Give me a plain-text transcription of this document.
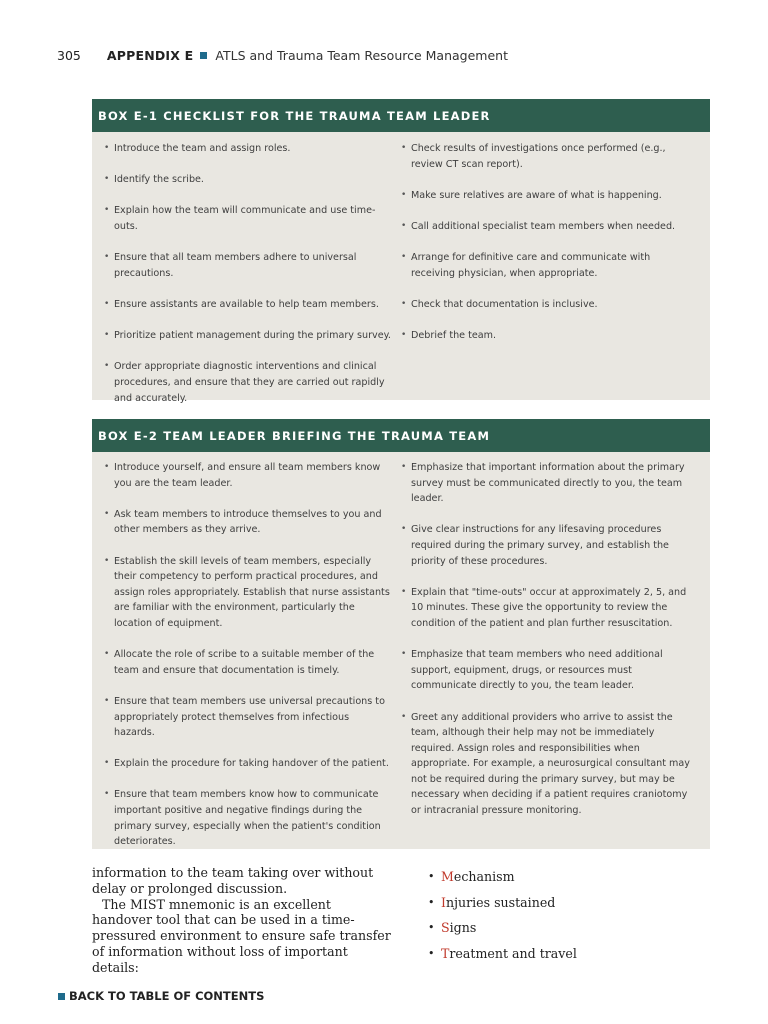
305 APPENDIX E ATLS and Trauma Team Resource Management
BOX E-1 CHECKLIST FOR THE TRAUMA TEAM LEADER
• Introduce the team and assign roles.
• Identify the scribe.
• Explain how the team will communicate and use time-outs.
• Ensure that all team members adhere to universal precautions.
• Ensure assistants are available to help team members.
• Prioritize patient management during the primary survey.
• Order appropriate diagnostic interventions and clinical procedures, and ensure that they are carried out rapidly and accurately.
• Check results of investigations once performed (e.g., review CT scan report).
• Make sure relatives are aware of what is happening.
• Call additional specialist team members when needed.
• Arrange for definitive care and communicate with receiving physician, when appropriate.
• Check that documentation is inclusive.
• Debrief the team.
BOX E-2 TEAM LEADER BRIEFING THE TRAUMA TEAM
• Introduce yourself, and ensure all team members know you are the team leader.
• Ask team members to introduce themselves to you and other members as they arrive.
• Establish the skill levels of team members, especially their competency to perform practical procedures, and assign roles appropriately. Establish that nurse assistants are familiar with the environment, particularly the location of equipment.
• Allocate the role of scribe to a suitable member of the team and ensure that documentation is timely.
• Ensure that team members use universal precautions to appropriately protect themselves from infectious hazards.
• Explain the procedure for taking handover of the patient.
• Ensure that team members know how to communicate important positive and negative findings during the primary survey, especially when the patient's condition deteriorates.
• Emphasize that important information about the primary survey must be communicated directly to you, the team leader.
• Give clear instructions for any lifesaving procedures required during the primary survey, and establish the priority of these procedures.
• Explain that "time-outs" occur at approximately 2, 5, and 10 minutes. These give the opportunity to review the condition of the patient and plan further resuscitation.
• Emphasize that team members who need additional support, equipment, drugs, or resources must communicate directly to you, the team leader.
• Greet any additional providers who arrive to assist the team, although their help may not be immediately required. Assign roles and responsibilities when appropriate. For example, a neurosurgical consultant may not be required during the primary survey, but may be necessary when deciding if a patient requires craniotomy or intracranial pressure monitoring.

information to the team taking over without delay or prolonged discussion.

The MIST mnemonic is an excellent handover tool that can be used in a time-pressured environment to ensure safe transfer of information without loss of important details:

• M echanism
• I njuries sustained
• S igns
• T reatment and travel
BACK TO TABLE OF CONTENTS
